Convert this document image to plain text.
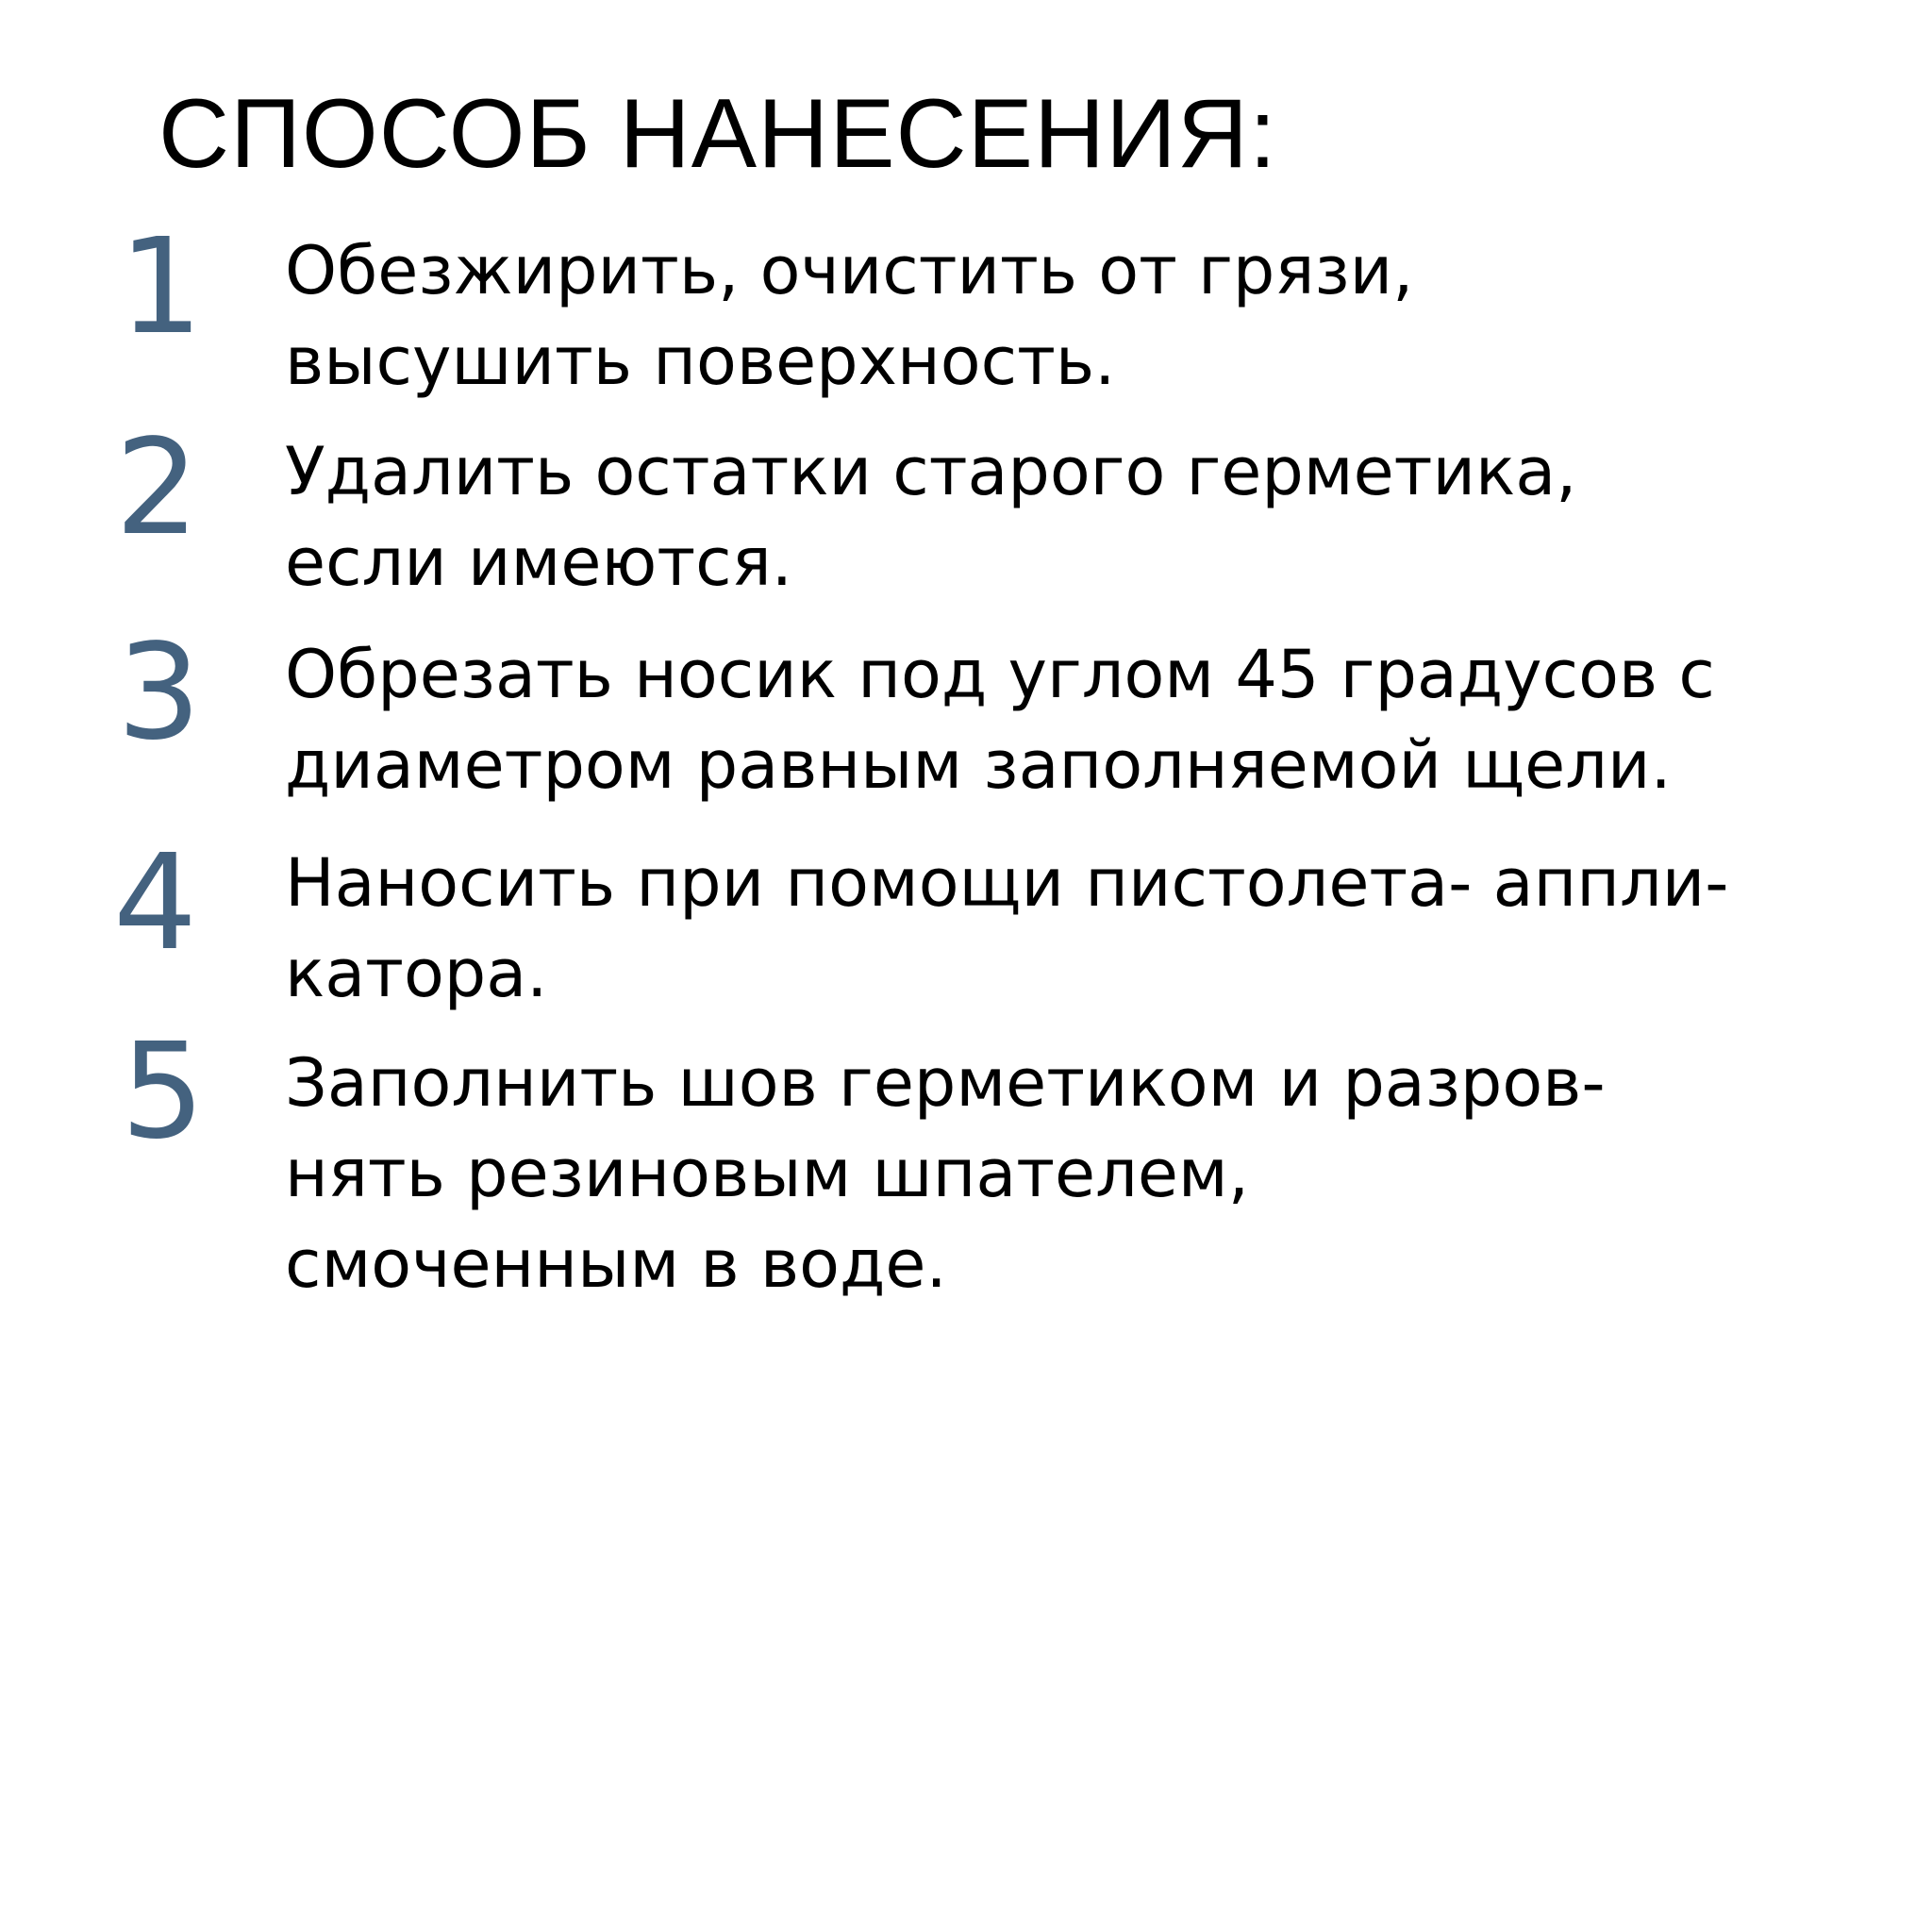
СПОСОБ НАНЕСЕНИЯ:
1 Обезжирить, очистить от грязи,
высушить поверхность.
2 Удалить остатки старого герметика,
если имеются.
3 Обрезать носик под углом 45 градусов с
диаметром равным заполняемой щели.
4 Наносить при помощи пистолета- аппли-
катора.
5 Заполнить шов герметиком и разров-
нять резиновым шпателем,
смоченным в воде.
